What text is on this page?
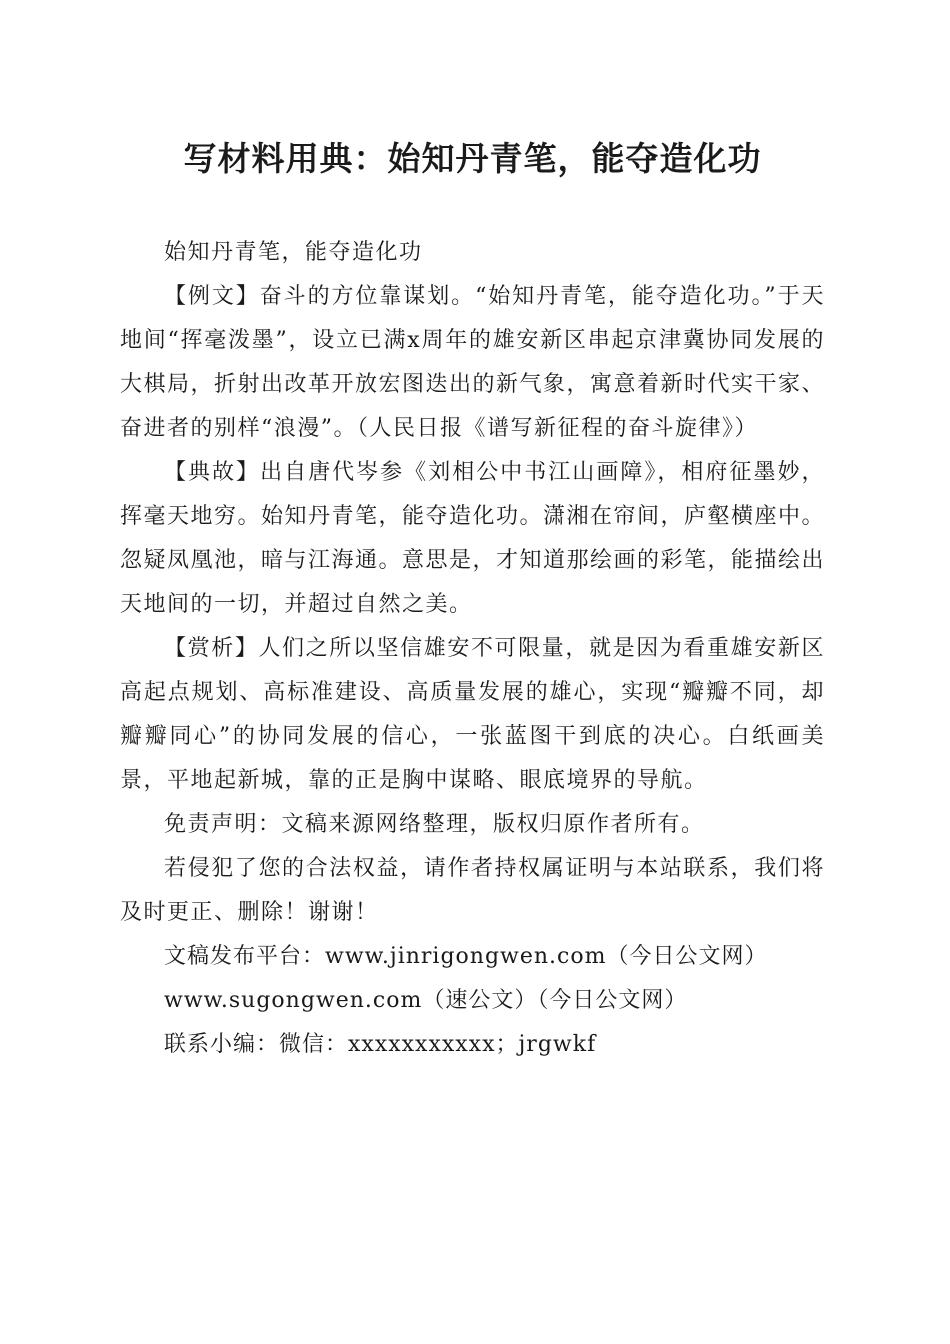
写材料用典：始知丹青笔，能夺造化功

始知丹青笔，能夺造化功

【例文】奋斗的方位靠谋划。“始知丹青笔，能夺造化功。”于天地间“挥毫泼墨”，设立已满x周年的雄安新区串起京津冀协同发展的大棋局，折射出改革开放宏图迭出的新气象，寓意着新时代实干家、奋进者的别样“浪漫”。（人民日报《谱写新征程的奋斗旋律》）

【典故】出自唐代岑参《刘相公中书江山画障》，相府征墨妙，挥毫天地穷。始知丹青笔，能夺造化功。潇湘在帘间，庐壑横座中。忽疑凤凰池，暗与江海通。意思是，才知道那绘画的彩笔，能描绘出天地间的一切，并超过自然之美。

【赏析】人们之所以坚信雄安不可限量，就是因为看重雄安新区高起点规划、高标准建设、高质量发展的雄心，实现“瓣瓣不同，却瓣瓣同心”的协同发展的信心，一张蓝图干到底的决心。白纸画美景，平地起新城，靠的正是胸中谋略、眼底境界的导航。

免责声明：文稿来源网络整理，版权归原作者所有。

若侵犯了您的合法权益，请作者持权属证明与本站联系，我们将及时更正、删除！谢谢！

文稿发布平台：www.jinrigongwen.com（今日公文网）

www.sugongwen.com（速公文）（今日公文网）

联系小编：微信：xxxxxxxxxxx；jrgwkf
